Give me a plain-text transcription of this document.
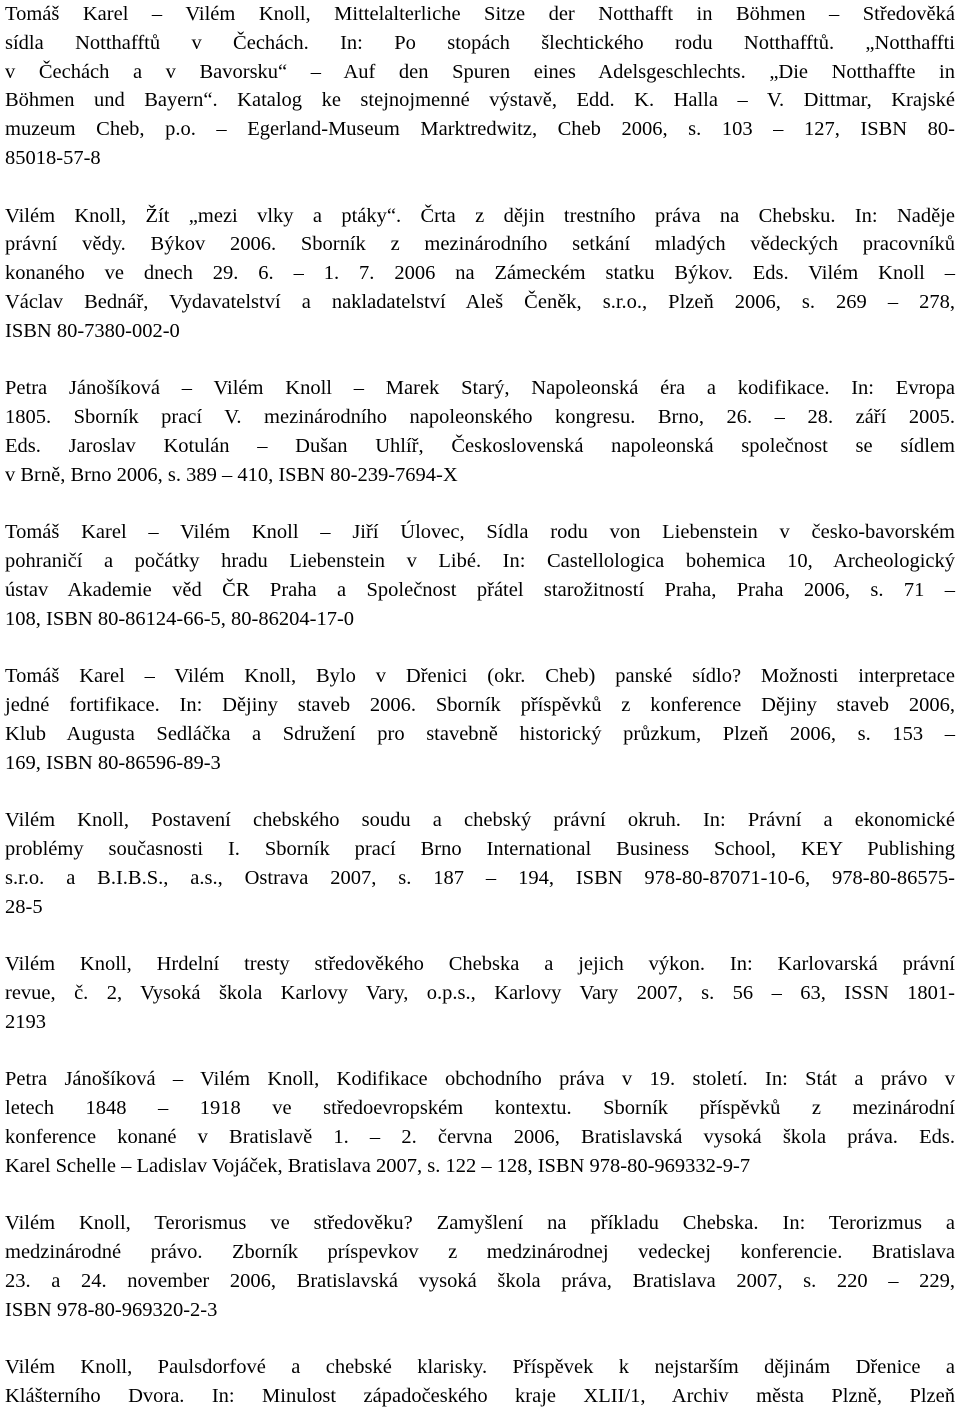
Tomáš Karel – Vilém Knoll, Mittelalterliche Sitze der Notthafft in Böhmen – Středověká
sídla Notthafftů v Čechách. In: Po stopách šlechtického rodu Notthafftů. „Notthaffti
v Čechách a v Bavorsku“ – Auf den Spuren eines Adelsgeschlechts. „Die Notthaffte in
Böhmen und Bayern“. Katalog ke stejnojmenné výstavě, Edd. K. Halla – V. Dittmar, Krajské
muzeum Cheb, p.o. – Egerland-Museum Marktredwitz, Cheb 2006, s. 103 – 127, ISBN 80-
85018-57-8
Vilém Knoll, Žít „mezi vlky a ptáky“. Črta z dějin trestního práva na Chebsku. In: Naděje
právní vědy. Býkov 2006. Sborník z mezinárodního setkání mladých vědeckých pracovníků
konaného ve dnech 29. 6. – 1. 7. 2006 na Zámeckém statku Býkov. Eds. Vilém Knoll –
Václav Bednář, Vydavatelství a nakladatelství Aleš Čeněk, s.r.o., Plzeň 2006, s. 269 – 278,
ISBN 80-7380-002-0
Petra Jánošíková – Vilém Knoll – Marek Starý, Napoleonská éra a kodifikace. In: Evropa
1805. Sborník prací V. mezinárodního napoleonského kongresu. Brno, 26. – 28. září 2005.
Eds. Jaroslav Kotulán – Dušan Uhlíř, Československá napoleonská společnost se sídlem
v Brně, Brno 2006, s. 389 – 410, ISBN 80-239-7694-X
Tomáš Karel – Vilém Knoll – Jiří Úlovec, Sídla rodu von Liebenstein v česko-bavorském
pohraničí a počátky hradu Liebenstein v Libé. In: Castellologica bohemica 10, Archeologický
ústav Akademie věd ČR Praha a Společnost přátel starožitností Praha, Praha 2006, s. 71 –
108, ISBN 80-86124-66-5, 80-86204-17-0
Tomáš Karel – Vilém Knoll, Bylo v Dřenici (okr. Cheb) panské sídlo? Možnosti interpretace
jedné fortifikace. In: Dějiny staveb 2006. Sborník příspěvků z konference Dějiny staveb 2006,
Klub Augusta Sedláčka a Sdružení pro stavebně historický průzkum, Plzeň 2006, s. 153 –
169, ISBN 80-86596-89-3
Vilém Knoll, Postavení chebského soudu a chebský právní okruh. In: Právní a ekonomické
problémy současnosti I. Sborník prací Brno International Business School, KEY Publishing
s.r.o. a B.I.B.S., a.s., Ostrava 2007, s. 187 – 194, ISBN 978-80-87071-10-6, 978-80-86575-
28-5
Vilém Knoll, Hrdelní tresty středověkého Chebska a jejich výkon. In: Karlovarská právní
revue, č. 2, Vysoká škola Karlovy Vary, o.p.s., Karlovy Vary 2007, s. 56 – 63, ISSN 1801-
2193
Petra Jánošíková – Vilém Knoll, Kodifikace obchodního práva v 19. století. In: Stát a právo v
letech 1848 – 1918 ve středoevropském kontextu. Sborník příspěvků z mezinárodní
konference konané v Bratislavě 1. – 2. června 2006, Bratislavská vysoká škola práva. Eds.
Karel Schelle – Ladislav Vojáček, Bratislava 2007, s. 122 – 128, ISBN 978-80-969332-9-7
Vilém Knoll, Terorismus ve středověku? Zamyšlení na příkladu Chebska. In: Terorizmus a
medzinárodné právo. Zborník príspevkov z medzinárodnej vedeckej konferencie. Bratislava
23. a 24. november 2006, Bratislavská vysoká škola práva, Bratislava 2007, s. 220 – 229,
ISBN 978-80-969320-2-3
Vilém Knoll, Paulsdorfové a chebské klarisky. Příspěvek k nejstarším dějinám Dřenice a
Klášterního Dvora. In: Minulost západočeského kraje XLII/1, Archiv města Plzně, Plzeň
